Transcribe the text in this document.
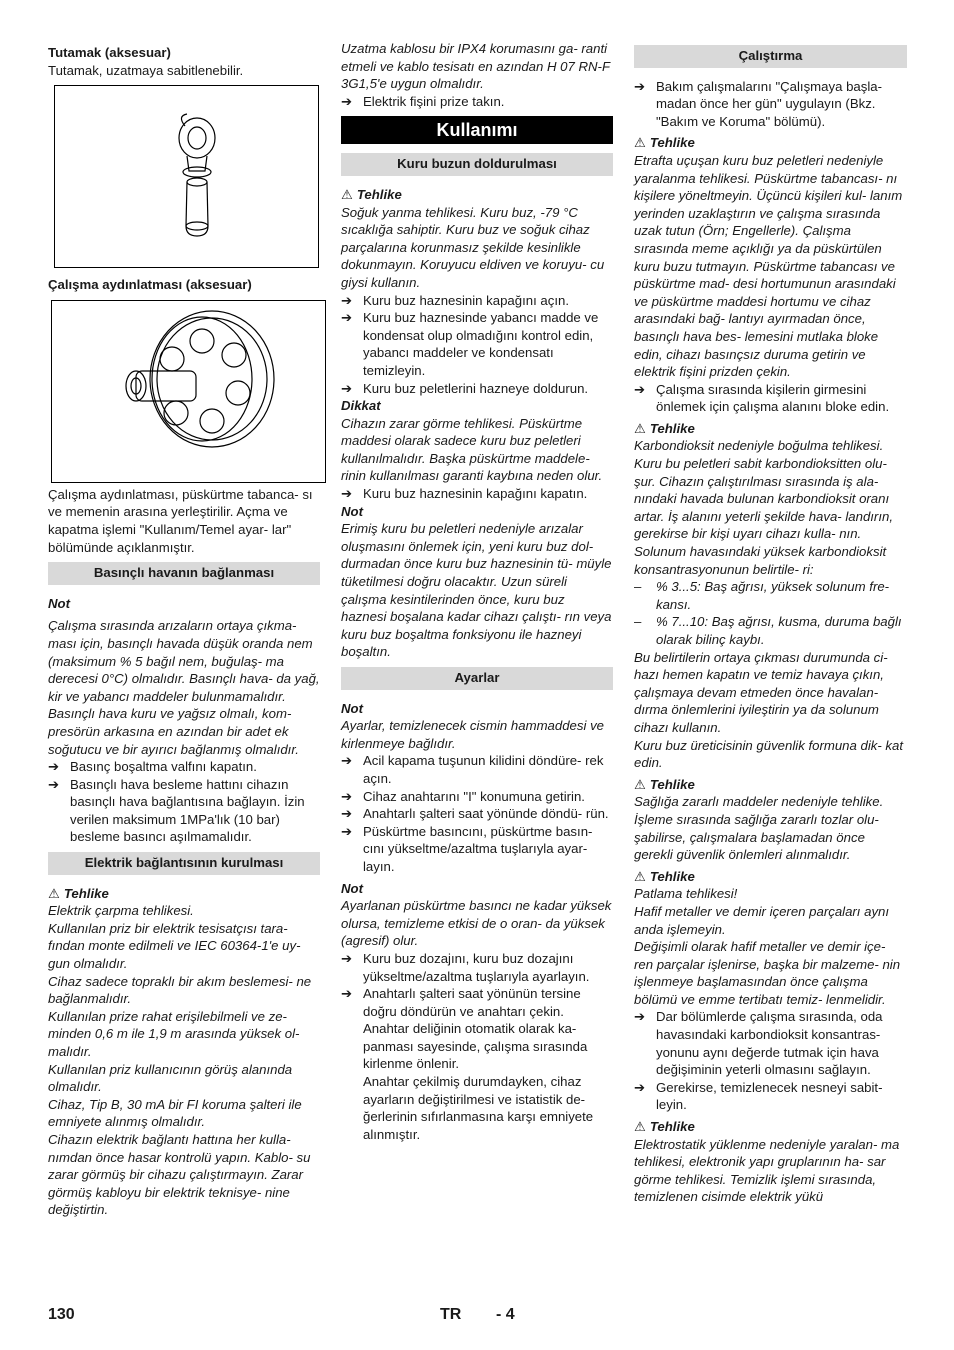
Tutamak (aksesuar)

Tutamak, uzatmaya sabitlenebilir.

Çalışma aydınlatması (aksesuar)

Çalışma aydınlatması, püskürtme tabanca- sı ve memenin arasına yerleştirilir. Açma ve kapatma işlemi "Kullanım/Temel ayar- lar" bölümünde açıklanmıştır.

Basınçlı havanın bağlanması

Not

Çalışma sırasında arızaların ortaya çıkma- ması için, basınçlı havada düşük oranda nem (maksimum % 5 bağıl nem, buğulaş- ma derecesi 0°C) olmalıdır. Basınçlı hava- da yağ, kir ve yabancı maddeler bulunmamalıdır.

Basınçlı hava kuru ve yağsız olmalı, kom- presörün arkasına en azından bir adet ek soğutucu ve bir ayırıcı bağlanmış olmalıdır.

➔ Basınç boşaltma valfını kapatın.
➔ Basınçlı hava besleme hattını cihazın basınçlı hava bağlantısına bağlayın. İzin verilen maksimum 1MPa'lık (10 bar) besleme basıncı aşılmamalıdır.
Elektrik bağlantısının kurulması

⚠ Tehlike

Elektrik çarpma tehlikesi.

Kullanılan priz bir elektrik tesisatçısı tara- fından monte edilmeli ve IEC 60364-1'e uy- gun olmalıdır.

Cihaz sadece topraklı bir akım beslemesi- ne bağlanmalıdır.

Kullanılan prize rahat erişilebilmeli ve ze- minden 0,6 m ile 1,9 m arasında yüksek ol- malıdır.

Kullanılan priz kullanıcının görüş alanında olmalıdır.

Cihaz, Tip B, 30 mA bir FI koruma şalteri ile emniyete alınmış olmalıdır.

Cihazın elektrik bağlantı hattına her kulla- nımdan önce hasar kontrolü yapın. Kablo- su zarar görmüş bir cihazu çalıştırmayın. Zarar görmüş kabloyu bir elektrik teknisye- nine değiştirtin.

Uzatma kablosu bir IPX4 korumasını ga- ranti etmeli ve kablo tesisatı en azından H 07 RN-F 3G1,5'e uygun olmalıdır.

➔ Elektrik fişini prize takın.
Kullanımı
Kuru buzun doldurulması

⚠ Tehlike

Soğuk yanma tehlikesi. Kuru buz, -79 °C sıcaklığa sahiptir. Kuru buz ve soğuk cihaz parçalarına korunmasız şekilde kesinlikle dokunmayın. Koruyucu eldiven ve koruyu- cu giysi kullanın.

➔ Kuru buz haznesinin kapağını açın.
➔ Kuru buz haznesinde yabancı madde ve kondensat olup olmadığını kontrol edin, yabancı maddeler ve kondensatı temizleyin.
➔ Kuru buz peletlerini hazneye doldurun.

Dikkat

Cihazın zarar görme tehlikesi. Püskürtme maddesi olarak sadece kuru buz peletleri kullanılmalıdır. Başka püskürtme maddele- rinin kullanılması garanti kaybına neden olur.

➔ Kuru buz haznesinin kapağını kapatın.

Not

Erimiş kuru bu peletleri nedeniyle arızalar oluşmasını önlemek için, yeni kuru buz dol- durmadan önce kuru buz haznesinin tü- müyle tüketilmesi doğru olacaktır. Uzun süreli çalışma kesintilerinden önce, kuru buz haznesi boşalana kadar cihazı çalıştı- rın veya kuru buz boşaltma fonksiyonu ile hazneyi boşaltın.

Ayarlar

Not

Ayarlar, temizlenecek cismin hammaddesi ve kirlenmeye bağlıdır.

➔ Acil kapama tuşunun kilidini döndüre- rek açın.
➔ Cihaz anahtarını "I" konumuna getirin.
➔ Anahtarlı şalteri saat yönünde döndü- rün.
➔ Püskürtme basıncını, püskürtme basın- cını yükseltme/azaltma tuşlarıyla ayar- layın.

Not

Ayarlanan püskürtme basıncı ne kadar yüksek olursa, temizleme etkisi de o oran- da yüksek (agresif) olur.

➔ Kuru buz dozajını, kuru buz dozajını yükseltme/azaltma tuşlarıyla ayarlayın.
➔ Anahtarlı şalteri saat yönünün tersine doğru döndürün ve anahtarı çekin.

Anahtar deliğinin otomatik olarak ka- panması sayesinde, çalışma sırasında kirlenme önlenir.

Anahtar çekilmiş durumdayken, cihaz ayarların değiştirilmesi ve istatistik de- ğerlerinin sıfırlanmasına karşı emniyete alınmıştır.

Çalıştırma
➔ Bakım çalışmalarını "Çalışmaya başla- madan önce her gün" uygulayın (Bkz. "Bakım ve Koruma" bölümü).

⚠ Tehlike

Etrafta uçuşan kuru buz peletleri nedeniyle yaralanma tehlikesi. Püskürtme tabancası- nı kişilere yöneltmeyin. Üçüncü kişileri kul- lanım yerinden uzaklaştırın ve çalışma sırasında uzak tutun (Örn; Engellerle). Çalışma sırasında meme açıklığı ya da püskürtülen kuru buzu tutmayın. Püskürtme tabancası ve püskürtme mad- desi hortumunun arasındaki ve püskürtme maddesi hortumu ve cihaz arasındaki bağ- lantıyı ayırmadan önce, basınçlı hava bes- lemesini mutlaka bloke edin, cihazı basınçsız duruma getirin ve elektrik fişini prizden çekin.

➔ Çalışma sırasında kişilerin girmesini önlemek için çalışma alanını bloke edin.

⚠ Tehlike

Karbondioksit nedeniyle boğulma tehlikesi. Kuru bu peletleri sabit karbondioksitten olu- şur. Cihazın çalıştırılması sırasında iş ala- nındaki havada bulunan karbondioksit oranı artar. İş alanını yeterli şekilde hava- landırın, gerekirse bir kişi uyarı cihazı kulla- nın. Solunum havasındaki yüksek karbondioksit konsantrasyonunun belirtile- ri:

– % 3...5: Baş ağrısı, yüksek solunum fre- kansı.
– % 7...10: Baş ağrısı, kusma, duruma bağlı olarak bilinç kaybı.

Bu belirtilerin ortaya çıkması durumunda ci- hazı hemen kapatın ve temiz havaya çıkın, çalışmaya devam etmeden önce havalan- dırma önlemlerini iyileştirin ya da solunum cihazı kullanın.

Kuru buz üreticisinin güvenlik formuna dik- kat edin.

⚠ Tehlike

Sağlığa zararlı maddeler nedeniyle tehlike. İşleme sırasında sağlığa zararlı tozlar olu- şabilirse, çalışmalara başlamadan önce gerekli güvenlik önlemleri alınmalıdır.

⚠ Tehlike

Patlama tehlikesi!

Hafif metaller ve demir içeren parçaları aynı anda işlemeyin.

Değişimli olarak hafif metaller ve demir içe- ren parçalar işlenirse, başka bir malzeme- nin işlenmeye başlamasından önce çalışma bölümü ve emme tertibatı temiz- lenmelidir.

➔ Dar bölümlerde çalışma sırasında, oda havasındaki karbondioksit konsantras- yonunu aynı değerde tutmak için hava değişiminin yeterli olmasını sağlayın.
➔ Gerekirse, temizlenecek nesneyi sabit- leyin.

⚠ Tehlike

Elektrostatik yüklenme nedeniyle yaralan- ma tehlikesi, elektronik yapı gruplarının ha- sar görme tehlikesi. Temizlik işlemi sırasında, temizlenen cisimde elektrik yükü

130	TR - 4
